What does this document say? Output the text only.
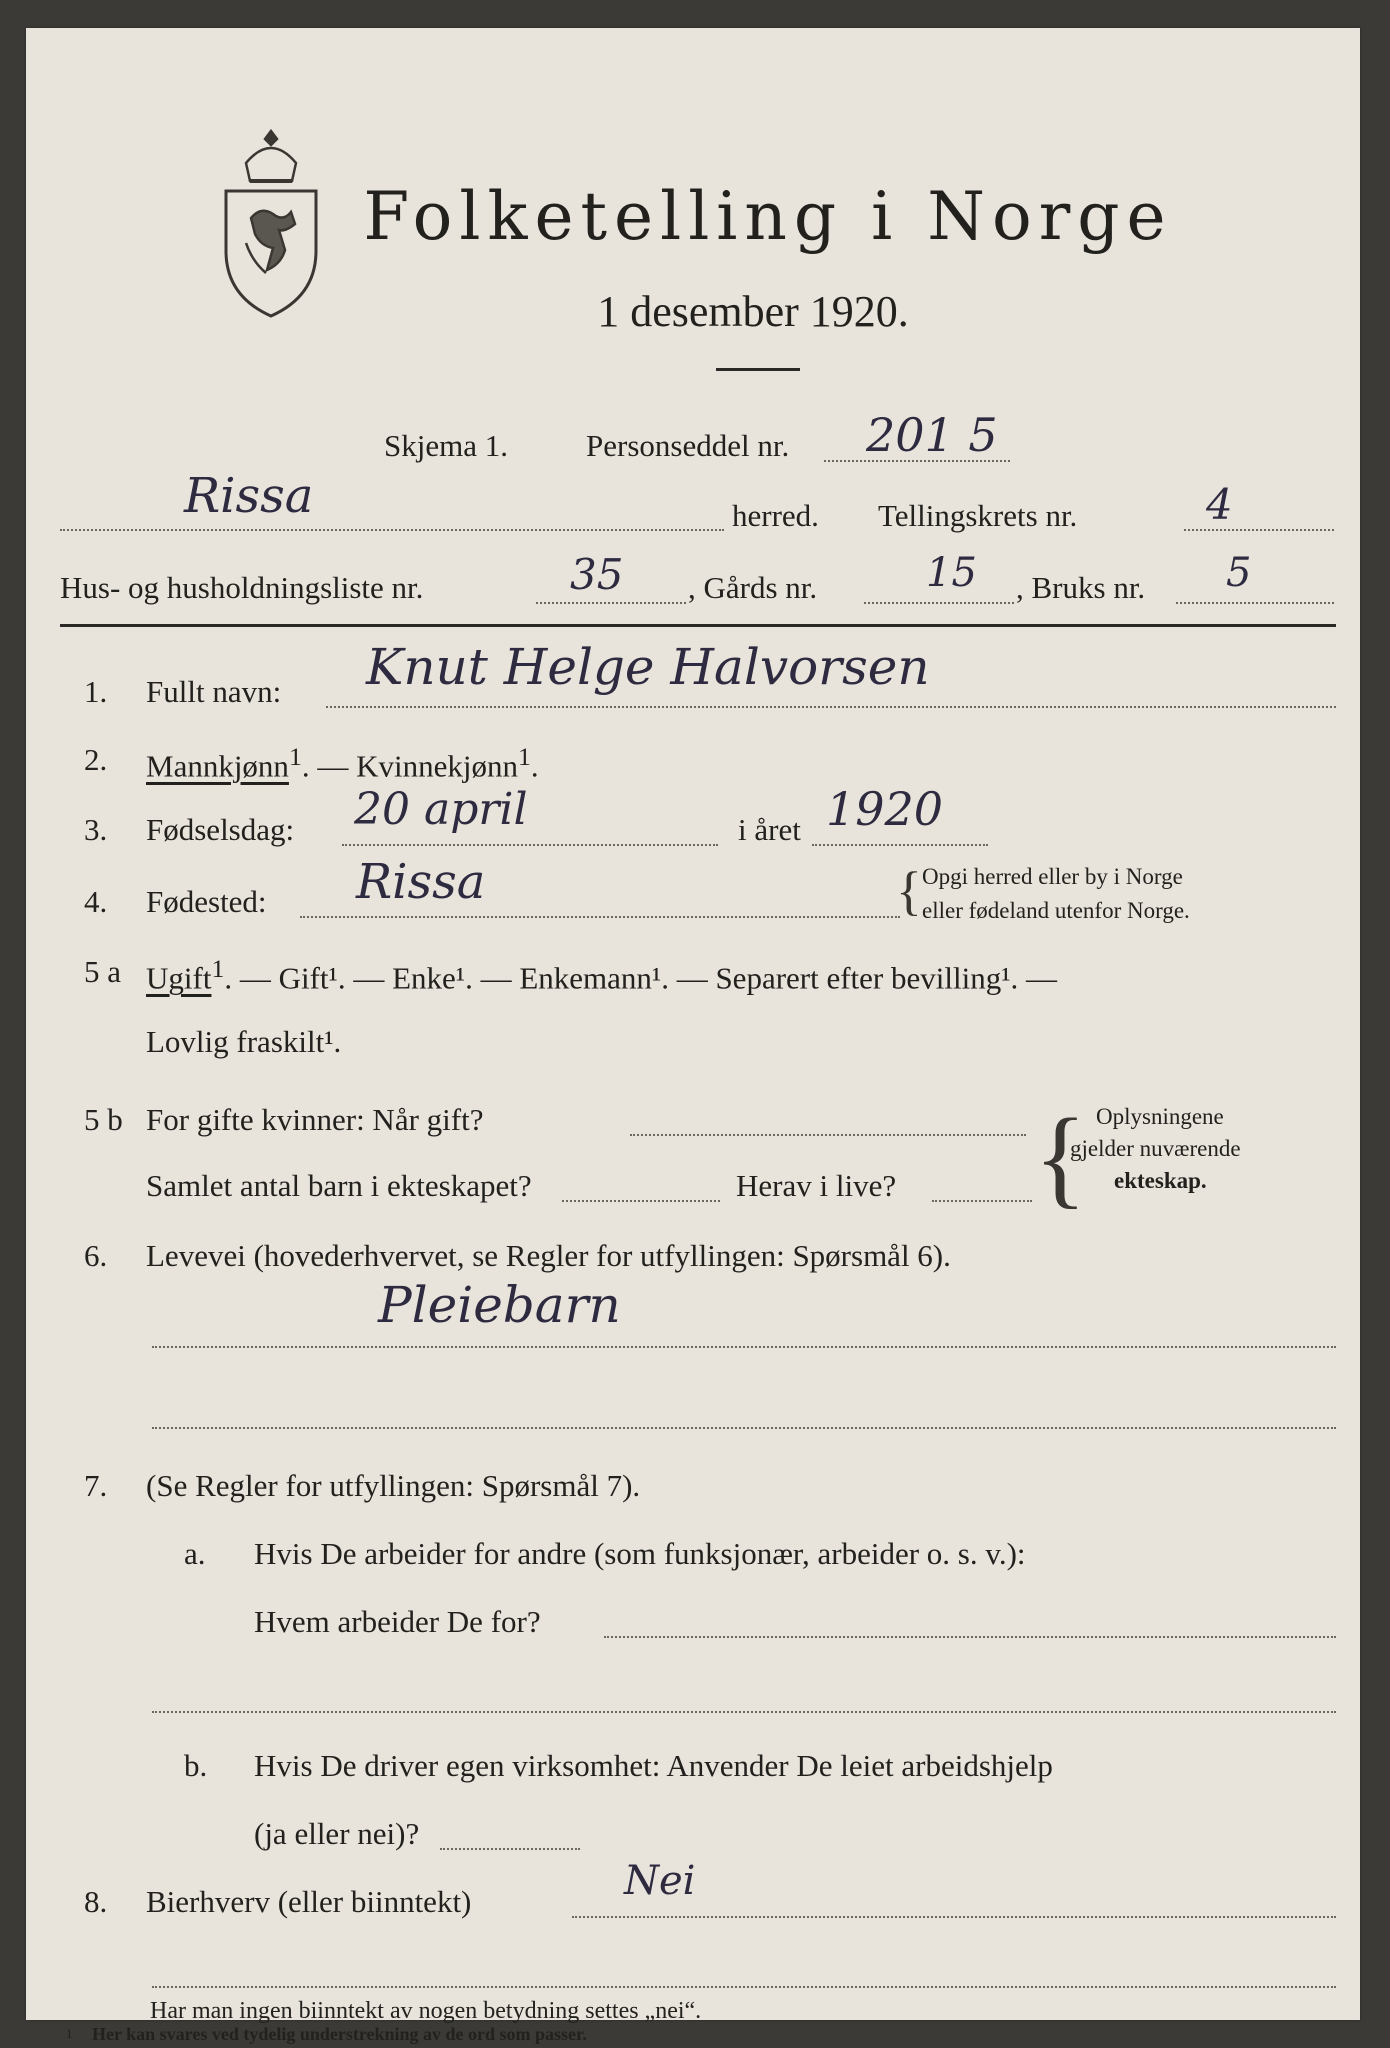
Folketelling i Norge
1 desember 1920.
Skjema 1.	Personseddel nr. 201 5
Rissa	herred. Tellingskrets nr.	4
Hus- og husholdningsliste nr.	35 , Gårds nr.	15 , Bruks nr. 5
1. Fullt navn: Knut Helge Halvorsen
2. Mannkjønn$^1$. — Kvinnekjønn$^1$.
3. Fødselsdag: 20 april	i året 1920
4. Fødested: Rissa	{ Opgi herred eller by i Norge
eller fødeland utenfor Norge.
5 a Ugift$^1$. — Gift¹. — Enke¹. — Enkemann¹. — Separert efter bevilling¹. —
Lovlig fraskilt¹.
5 b For gifte kvinner: Når gift?
Samlet antal barn i ekteskapet?	Herav i live? { Oplysningene
gjelder nuværende
ekteskap.
6. Levevei (hovederhvervet, se Regler for utfyllingen: Spørsmål 6).
Pleiebarn
7. (Se Regler for utfyllingen: Spørsmål 7).
a. Hvis De arbeider for andre (som funksjonær, arbeider o. s. v.):
Hvem arbeider De for?
b. Hvis De driver egen virksomhet: Anvender De leiet arbeidshjelp
(ja eller nei)?
8. Bierhverv (eller biinntekt)	Nei
Har man ingen biinntekt av nogen betydning settes „nei“.
1 Her kan svares ved tydelig understrekning av de ord som passer.
